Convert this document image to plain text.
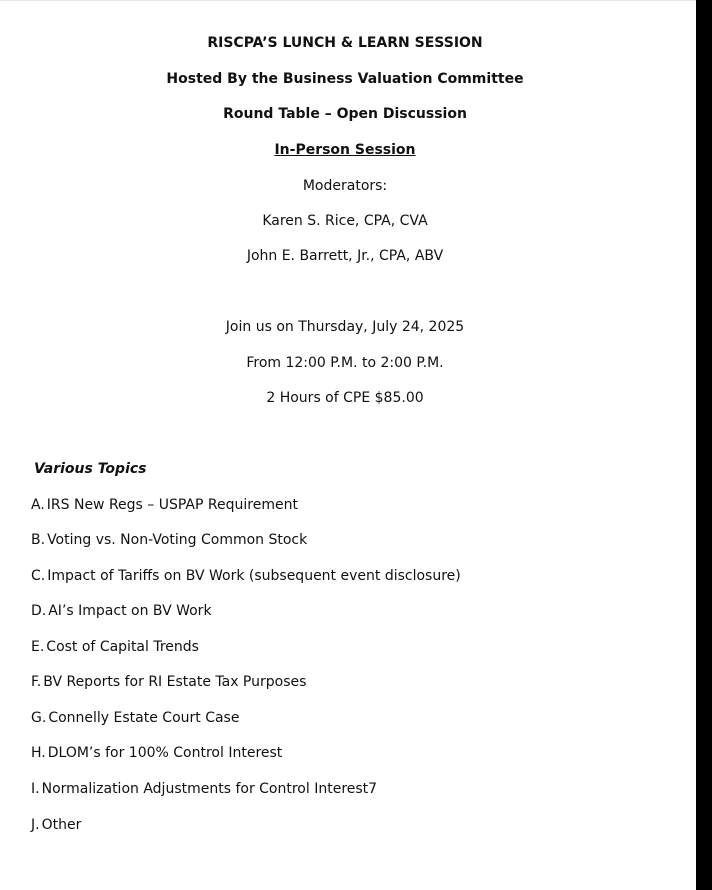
RISCPA’S LUNCH & LEARN SESSION
Hosted By the Business Valuation Committee
Round Table – Open Discussion
In-Person Session
Moderators:
Karen S. Rice, CPA, CVA
John E. Barrett, Jr., CPA, ABV
Join us on Thursday, July 24, 2025
From 12:00 P.M. to 2:00 P.M.
2 Hours of CPE $85.00
Various Topics
A. IRS New Regs – USPAP Requirement
B. Voting vs. Non-Voting Common Stock
C. Impact of Tariffs on BV Work (subsequent event disclosure)
D. AI’s Impact on BV Work
E. Cost of Capital Trends
F. BV Reports for RI Estate Tax Purposes
G. Connelly Estate Court Case
H. DLOM’s for 100% Control Interest
I. Normalization Adjustments for Control Interest7
J. Other
